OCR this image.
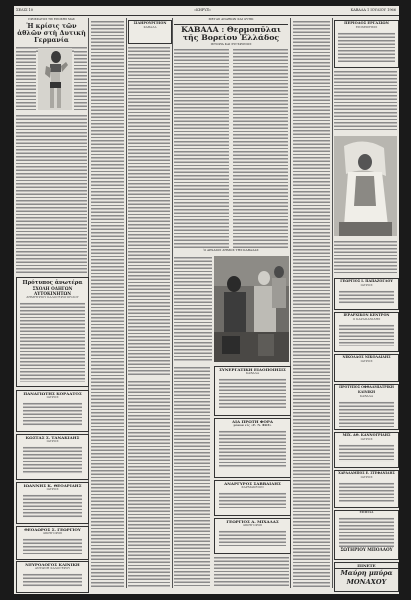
ΣΕΛΙΣ 10	«ΚΗΡΥΞ»	ΚΑΒΑΛΑ 1 ΙΟΥΛΙΟΥ 1966
ΠΡΟΣΦΑΤΟΣ ΤΙΣ ΕΠΟΧΗΣ ΜΑΣ
Ἡ κρίσις τῶν ἀθλῶν στὴ Δυτικὴ Γερμανία
Πρότυπος ἀνωτέρα
ΣΧΟΛΗ ΟΔΗΓΩΝ ΑΥΤΟΚΙΝΗΤΩΝ
ΔΗΜΗΤΡΙΟΥ ΚΑΛΟΓΕΡΟΠΟΥΛΟΥ
ΠΑΝΑΓΙΩΤΗΣ ΚΟΡΔΑΤΟΣ
ΙΑΤΡΟΣ
ΚΩΣΤΑΣ Σ. ΤΑΝΑΚΙΔΗΣ
ΙΑΤΡΟΣ
ΙΩΑΝΝΗΣ Κ. ΘΕΟΔΡΙΔΗΣ
ΙΑΤΡΟΣ
ΘΕΟΔΩΡΟΣ Σ. ΓΕΩΡΓΙΟΥ
ΔΙΚΗΓΟΡΟΣ
ΝΕΥΡΟΛΟΓΟΣ ΚΛΙΝΙΚΗ
ΑΝΤΩΝΗ ΚΑΛΟΓΕΡΟΥ
ΣΙΔΗΡΟΥΡΓΕΙΟΝ
ΚΑΒΑΛΑ
ΜΕΓΑΣ ΑΝΑΞΙΩΝ ΚΑΙ ΔΥΤΙΚ
ΚΑΒΑΛΑ : Θερμοπῦλαι τῆς Βορείου Ἑλλάδος
ΙΣΤΟΡΙΑ ΚΑΙ ΣΥΓΧΡΟΝΟΣ
Ὁ ΑΡΧΑΙΟΣ ΔΗΜΟΣ ΤΗΣ ΚΑΒΑΛΑΣ
ΣΥΝΕΡΓΑΤΙΚΗ ΕΙΔΟΠΟΙΗΣΙΣ
ΚΑΒΑΛΑ
ΔΙΑ ΠΡΩΤΗ ΦΟΡΑ
μόνον εἰς «Ε. Ν. ΦΩΣ»
ΑΝΑΡΓΥΡΟΣ ΣΑΒΒΑΙΔΗΣ
ΦΑΡΜΑΚΕΙΟΝ
ΓΕΩΡΓΙΟΣ Α. ΜΙΧΑΛΑΣ
ΔΙΚΗΓΟΡΟΣ
ΠΕΡΙΟΔΟΣ ΕΡΓΑΣΙΩΝ
ΕΠΙΧΕΙΡΗΣΙΣ
ΓΕΩΡΓΙΟΣ Ι. ΠΑΠΑΖΟΓΛΟΥ
ΙΑΤΡΟΣ
ΙΕΡΑΡΧΙΚΟΝ ΚΕΝΤΡΟΝ
Ο ΚΑΡΑΠΑΝΙΔΗΣ
ΝΙΚΟΛΑΟΣ ΝΙΚΟΛΑΙΔΗΣ
ΙΑΤΡΟΣ
ΠΡΟΤΥΠΟΣ ΟΦΘΑΛΜΙΑΤΡΙΚΗ ΚΛΙΝΙΚΗ
ΚΑΒΑΛΑ
ΜΙΧ. ΑΘ. ΚΑΝΝΟΓΡΙΔΗΣ
ΙΑΤΡΟΣ
ΧΑΡΑΛΑΜΠΟΣ Ε. ΣΤΕΦΑΝΙΔΗΣ
ΙΑΤΡΟΣ
ΕΠΙΠΛΑ
ΣΩΤΗΡΙΟΥ ΜΠΟΛΑΟΥ
ΠΙΝΕΤΕ
Μαύρη μπύρα ΜΟΝΑΧΟΥ
